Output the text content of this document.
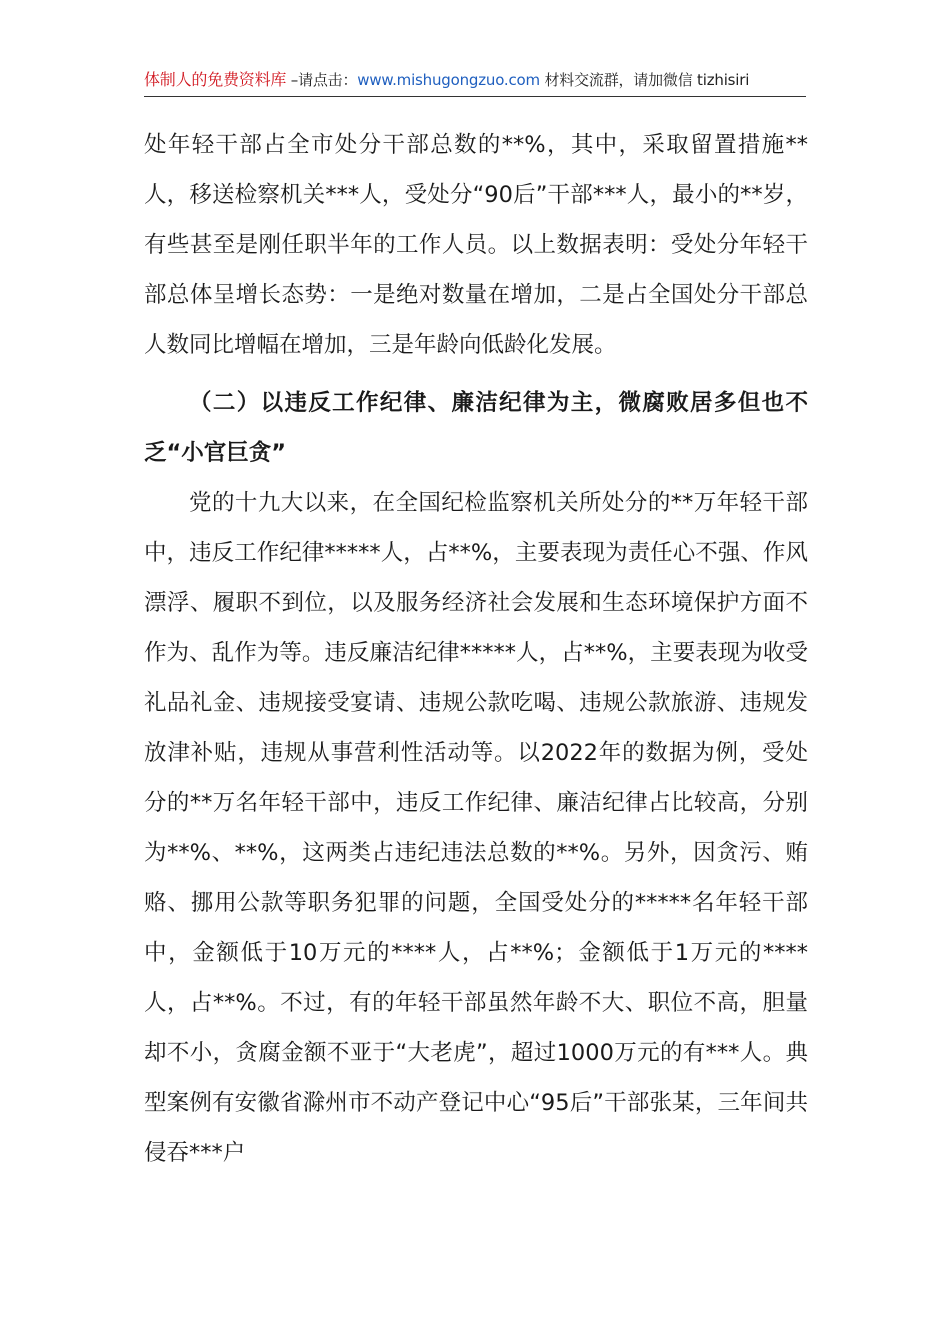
体制人的免费资料库 –请点击：www.mishugongzuo.com 材料交流群，请加微信 tizhisiri

处年轻干部占全市处分干部总数的**%，其中，采取留置措施**人，移送检察机关***人，受处分“90后”干部***人，最小的**岁，有些甚至是刚任职半年的工作人员。以上数据表明：受处分年轻干部总体呈增长态势：一是绝对数量在增加，二是占全国处分干部总人数同比增幅在增加，三是年龄向低龄化发展。

（二）以违反工作纪律、廉洁纪律为主，微腐败居多但也不乏“小官巨贪”

党的十九大以来，在全国纪检监察机关所处分的**万年轻干部中，违反工作纪律*****人，占**%，主要表现为责任心不强、作风漂浮、履职不到位，以及服务经济社会发展和生态环境保护方面不作为、乱作为等。违反廉洁纪律*****人，占**%，主要表现为收受礼品礼金、违规接受宴请、违规公款吃喝、违规公款旅游、违规发放津补贴，违规从事营利性活动等。以2022年的数据为例，受处分的**万名年轻干部中，违反工作纪律、廉洁纪律占比较高，分别为**%、**%，这两类占违纪违法总数的**%。另外，因贪污、贿赂、挪用公款等职务犯罪的问题，全国受处分的*****名年轻干部中，金额低于10万元的****人，占**%；金额低于1万元的****人，占**%。不过，有的年轻干部虽然年龄不大、职位不高，胆量却不小，贪腐金额不亚于“大老虎”，超过1000万元的有***人。典型案例有安徽省滁州市不动产登记中心“95后”干部张某，三年间共侵吞***户
